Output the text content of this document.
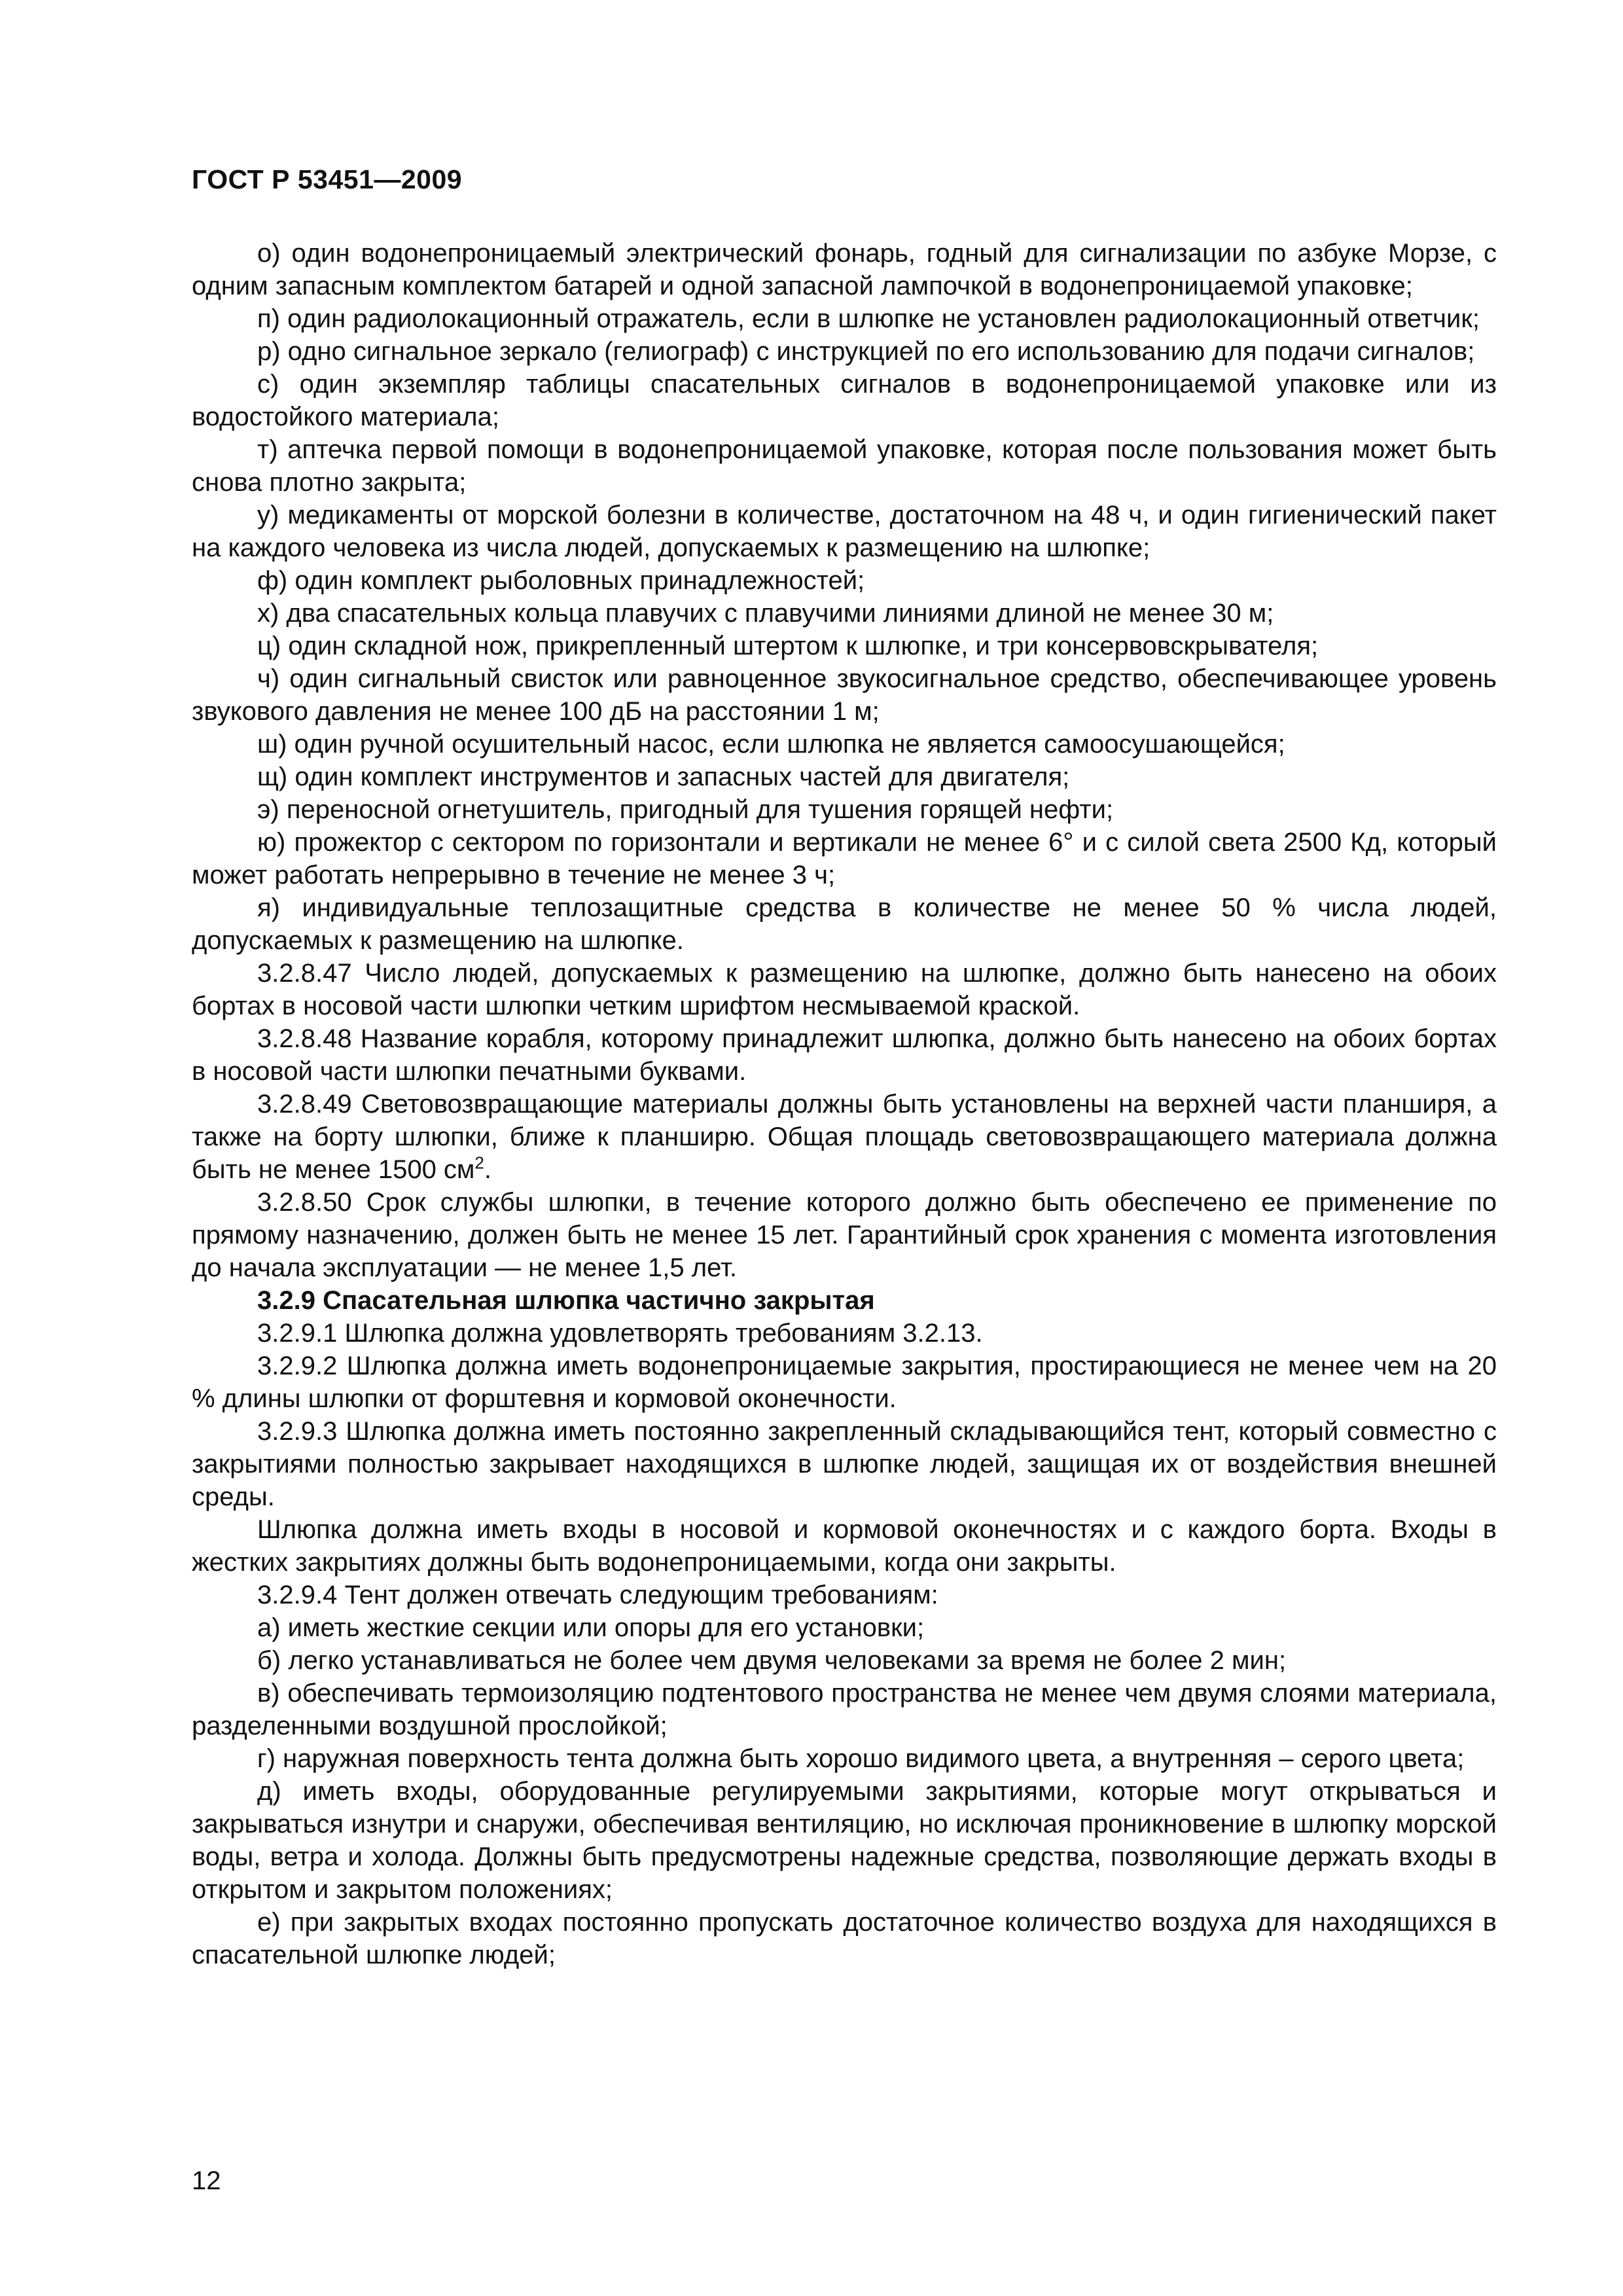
ГОСТ Р 53451—2009

о) один водонепроницаемый электрический фонарь, годный для сигнализации по азбуке Морзе, с одним запасным комплектом батарей и одной запасной лампочкой в водонепроницаемой упаковке;

п) один радиолокационный отражатель, если в шлюпке не установлен радиолокационный ответчик;

р) одно сигнальное зеркало (гелиограф) с инструкцией по его использованию для подачи сигналов;

с) один экземпляр таблицы спасательных сигналов в водонепроницаемой упаковке или из водостойкого материала;

т) аптечка первой помощи в водонепроницаемой упаковке, которая после пользования может быть снова плотно закрыта;

у) медикаменты от морской болезни в количестве, достаточном на 48 ч, и один гигиенический пакет на каждого человека из числа людей, допускаемых к размещению на шлюпке;

ф) один комплект рыболовных принадлежностей;

х) два спасательных кольца плавучих с плавучими линиями длиной не менее 30 м;

ц) один складной нож, прикрепленный штертом к шлюпке, и три консервовскрывателя;

ч) один сигнальный свисток или равноценное звукосигнальное средство, обеспечивающее уровень звукового давления не менее 100 дБ на расстоянии 1 м;

ш) один ручной осушительный насос, если шлюпка не является самоосушающейся;

щ) один комплект инструментов и запасных частей для двигателя;

э) переносной огнетушитель, пригодный для тушения горящей нефти;

ю) прожектор с сектором по горизонтали и вертикали не менее 6° и с силой света 2500 Кд, который может работать непрерывно в течение не менее 3 ч;

я) индивидуальные теплозащитные средства в количестве не менее 50 % числа людей, допускаемых к размещению на шлюпке.

3.2.8.47 Число людей, допускаемых к размещению на шлюпке, должно быть нанесено на обоих бортах в носовой части шлюпки четким шрифтом несмываемой краской.

3.2.8.48 Название корабля, которому принадлежит шлюпка, должно быть нанесено на обоих бортах в носовой части шлюпки печатными буквами.

3.2.8.49 Световозвращающие материалы должны быть установлены на верхней части планширя, а также на борту шлюпки, ближе к планширю. Общая площадь световозвращающего материала должна быть не менее 1500 $см^2$.

3.2.8.50 Срок службы шлюпки, в течение которого должно быть обеспечено ее применение по прямому назначению, должен быть не менее 15 лет. Гарантийный срок хранения с момента изготовления до начала эксплуатации — не менее 1,5 лет.

3.2.9 Спасательная шлюпка частично закрытая

3.2.9.1 Шлюпка должна удовлетворять требованиям 3.2.13.

3.2.9.2 Шлюпка должна иметь водонепроницаемые закрытия, простирающиеся не менее чем на 20 % длины шлюпки от форштевня и кормовой оконечности.

3.2.9.3 Шлюпка должна иметь постоянно закрепленный складывающийся тент, который совместно с закрытиями полностью закрывает находящихся в шлюпке людей, защищая их от воздействия внешней среды.

Шлюпка должна иметь входы в носовой и кормовой оконечностях и с каждого борта. Входы в жестких закрытиях должны быть водонепроницаемыми, когда они закрыты.

3.2.9.4 Тент должен отвечать следующим требованиям:

а) иметь жесткие секции или опоры для его установки;

б) легко устанавливаться не более чем двумя человеками за время не более 2 мин;

в) обеспечивать термоизоляцию подтентового пространства не менее чем двумя слоями материала, разделенными воздушной прослойкой;

г) наружная поверхность тента должна быть хорошо видимого цвета, а внутренняя – серого цвета;

д) иметь входы, оборудованные регулируемыми закрытиями, которые могут открываться и закрываться изнутри и снаружи, обеспечивая вентиляцию, но исключая проникновение в шлюпку морской воды, ветра и холода. Должны быть предусмотрены надежные средства, позволяющие держать входы в открытом и закрытом положениях;

е) при закрытых входах постоянно пропускать достаточное количество воздуха для находящихся в спасательной шлюпке людей;

12
